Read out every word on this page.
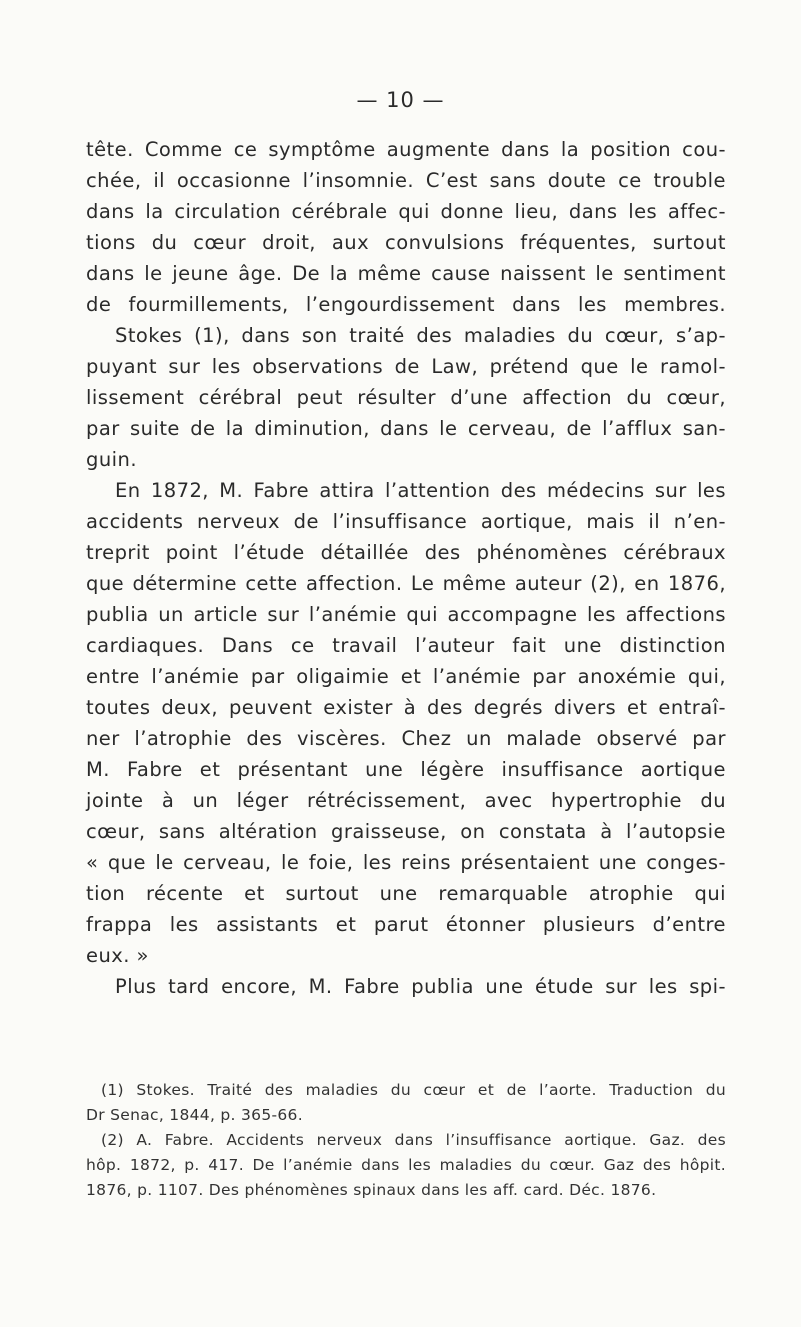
— 10 —
tête. Comme ce symptôme augmente dans la position cou-
chée, il occasionne l’insomnie. C’est sans doute ce trouble
dans la circulation cérébrale qui donne lieu, dans les affec-
tions du cœur droit, aux convulsions fréquentes, surtout
dans le jeune âge. De la même cause naissent le sentiment
de fourmillements, l’engourdissement dans les membres.
Stokes (1), dans son traité des maladies du cœur, s’ap-
puyant sur les observations de Law, prétend que le ramol-
lissement cérébral peut résulter d’une affection du cœur,
par suite de la diminution, dans le cerveau, de l’afflux san-
guin.
En 1872, M. Fabre attira l’attention des médecins sur les
accidents nerveux de l’insuffisance aortique, mais il n’en-
treprit point l’étude détaillée des phénomènes cérébraux
que détermine cette affection. Le même auteur (2), en 1876,
publia un article sur l’anémie qui accompagne les affections
cardiaques. Dans ce travail l’auteur fait une distinction
entre l’anémie par oligaimie et l’anémie par anoxémie qui,
toutes deux, peuvent exister à des degrés divers et entraî-
ner l’atrophie des viscères. Chez un malade observé par
M. Fabre et présentant une légère insuffisance aortique
jointe à un léger rétrécissement, avec hypertrophie du
cœur, sans altération graisseuse, on constata à l’autopsie
« que le cerveau, le foie, les reins présentaient une conges-
tion récente et surtout une remarquable atrophie qui
frappa les assistants et parut étonner plusieurs d’entre
eux. »
Plus tard encore, M. Fabre publia une étude sur les spi-
(1) Stokes. Traité des maladies du cœur et de l’aorte. Traduction du
Dr Senac, 1844, p. 365-66.
(2) A. Fabre. Accidents nerveux dans l’insuffisance aortique. Gaz. des
hôp. 1872, p. 417. De l’anémie dans les maladies du cœur. Gaz des hôpit.
1876, p. 1107. Des phénomènes spinaux dans les aff. card. Déc. 1876.
